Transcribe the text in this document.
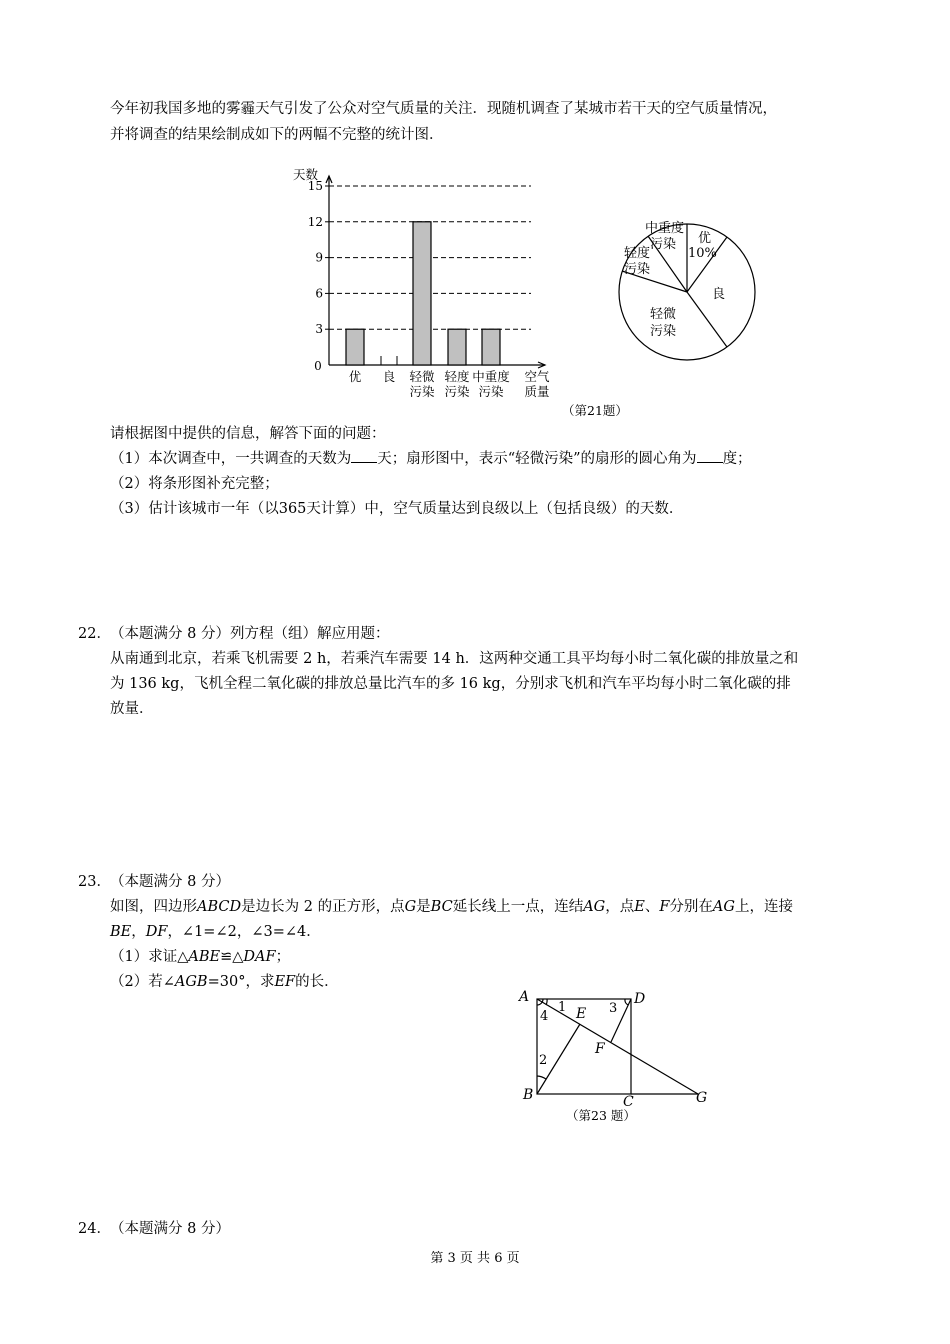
今年初我国多地的雾霾天气引发了公众对空气质量的关注．现随机调查了某城市若干天的空气质量情况，
并将调查的结果绘制成如下的两幅不完整的统计图．
3
6
9
12
15
天数
0
空气
质量
优 良 轻微
污染
轻度
污染
中重度
污染
优
10%
良
轻微
污染
轻度
污染
中重度
污染
（第21题）
请根据图中提供的信息，解答下面的问题：
（1）本次调查中，一共调查的天数为 天；扇形图中，表示“轻微污染”的扇形的圆心角为 度；
（2）将条形图补充完整；
（3）估计该城市一年（以365天计算）中，空气质量达到良级以上（包括良级）的天数．
22． （本题满分 8 分）列方程（组）解应用题：
从南通到北京，若乘飞机需要 2 h，若乘汽车需要 14 h．这两种交通工具平均每小时二氧化碳的排放量之和
为 136 kg，飞机全程二氧化碳的排放总量比汽车的多 16 kg，分别求飞机和汽车平均每小时二氧化碳的排
放量．
23． （本题满分 8 分）
如图，四边形ABCD是边长为 2 的正方形，点G是BC延长线上一点，连结AG，点E、F分别在AG上，连接
BE，DF，∠1=∠2，∠3=∠4．
（1）求证△ABE≌△DAF；
（2）若∠AGB=30°，求EF的长．
A	D
B	C	G
E
F
1
4
2
3
（第23 题）
24． （本题满分 8 分）
第 3 页 共 6 页
